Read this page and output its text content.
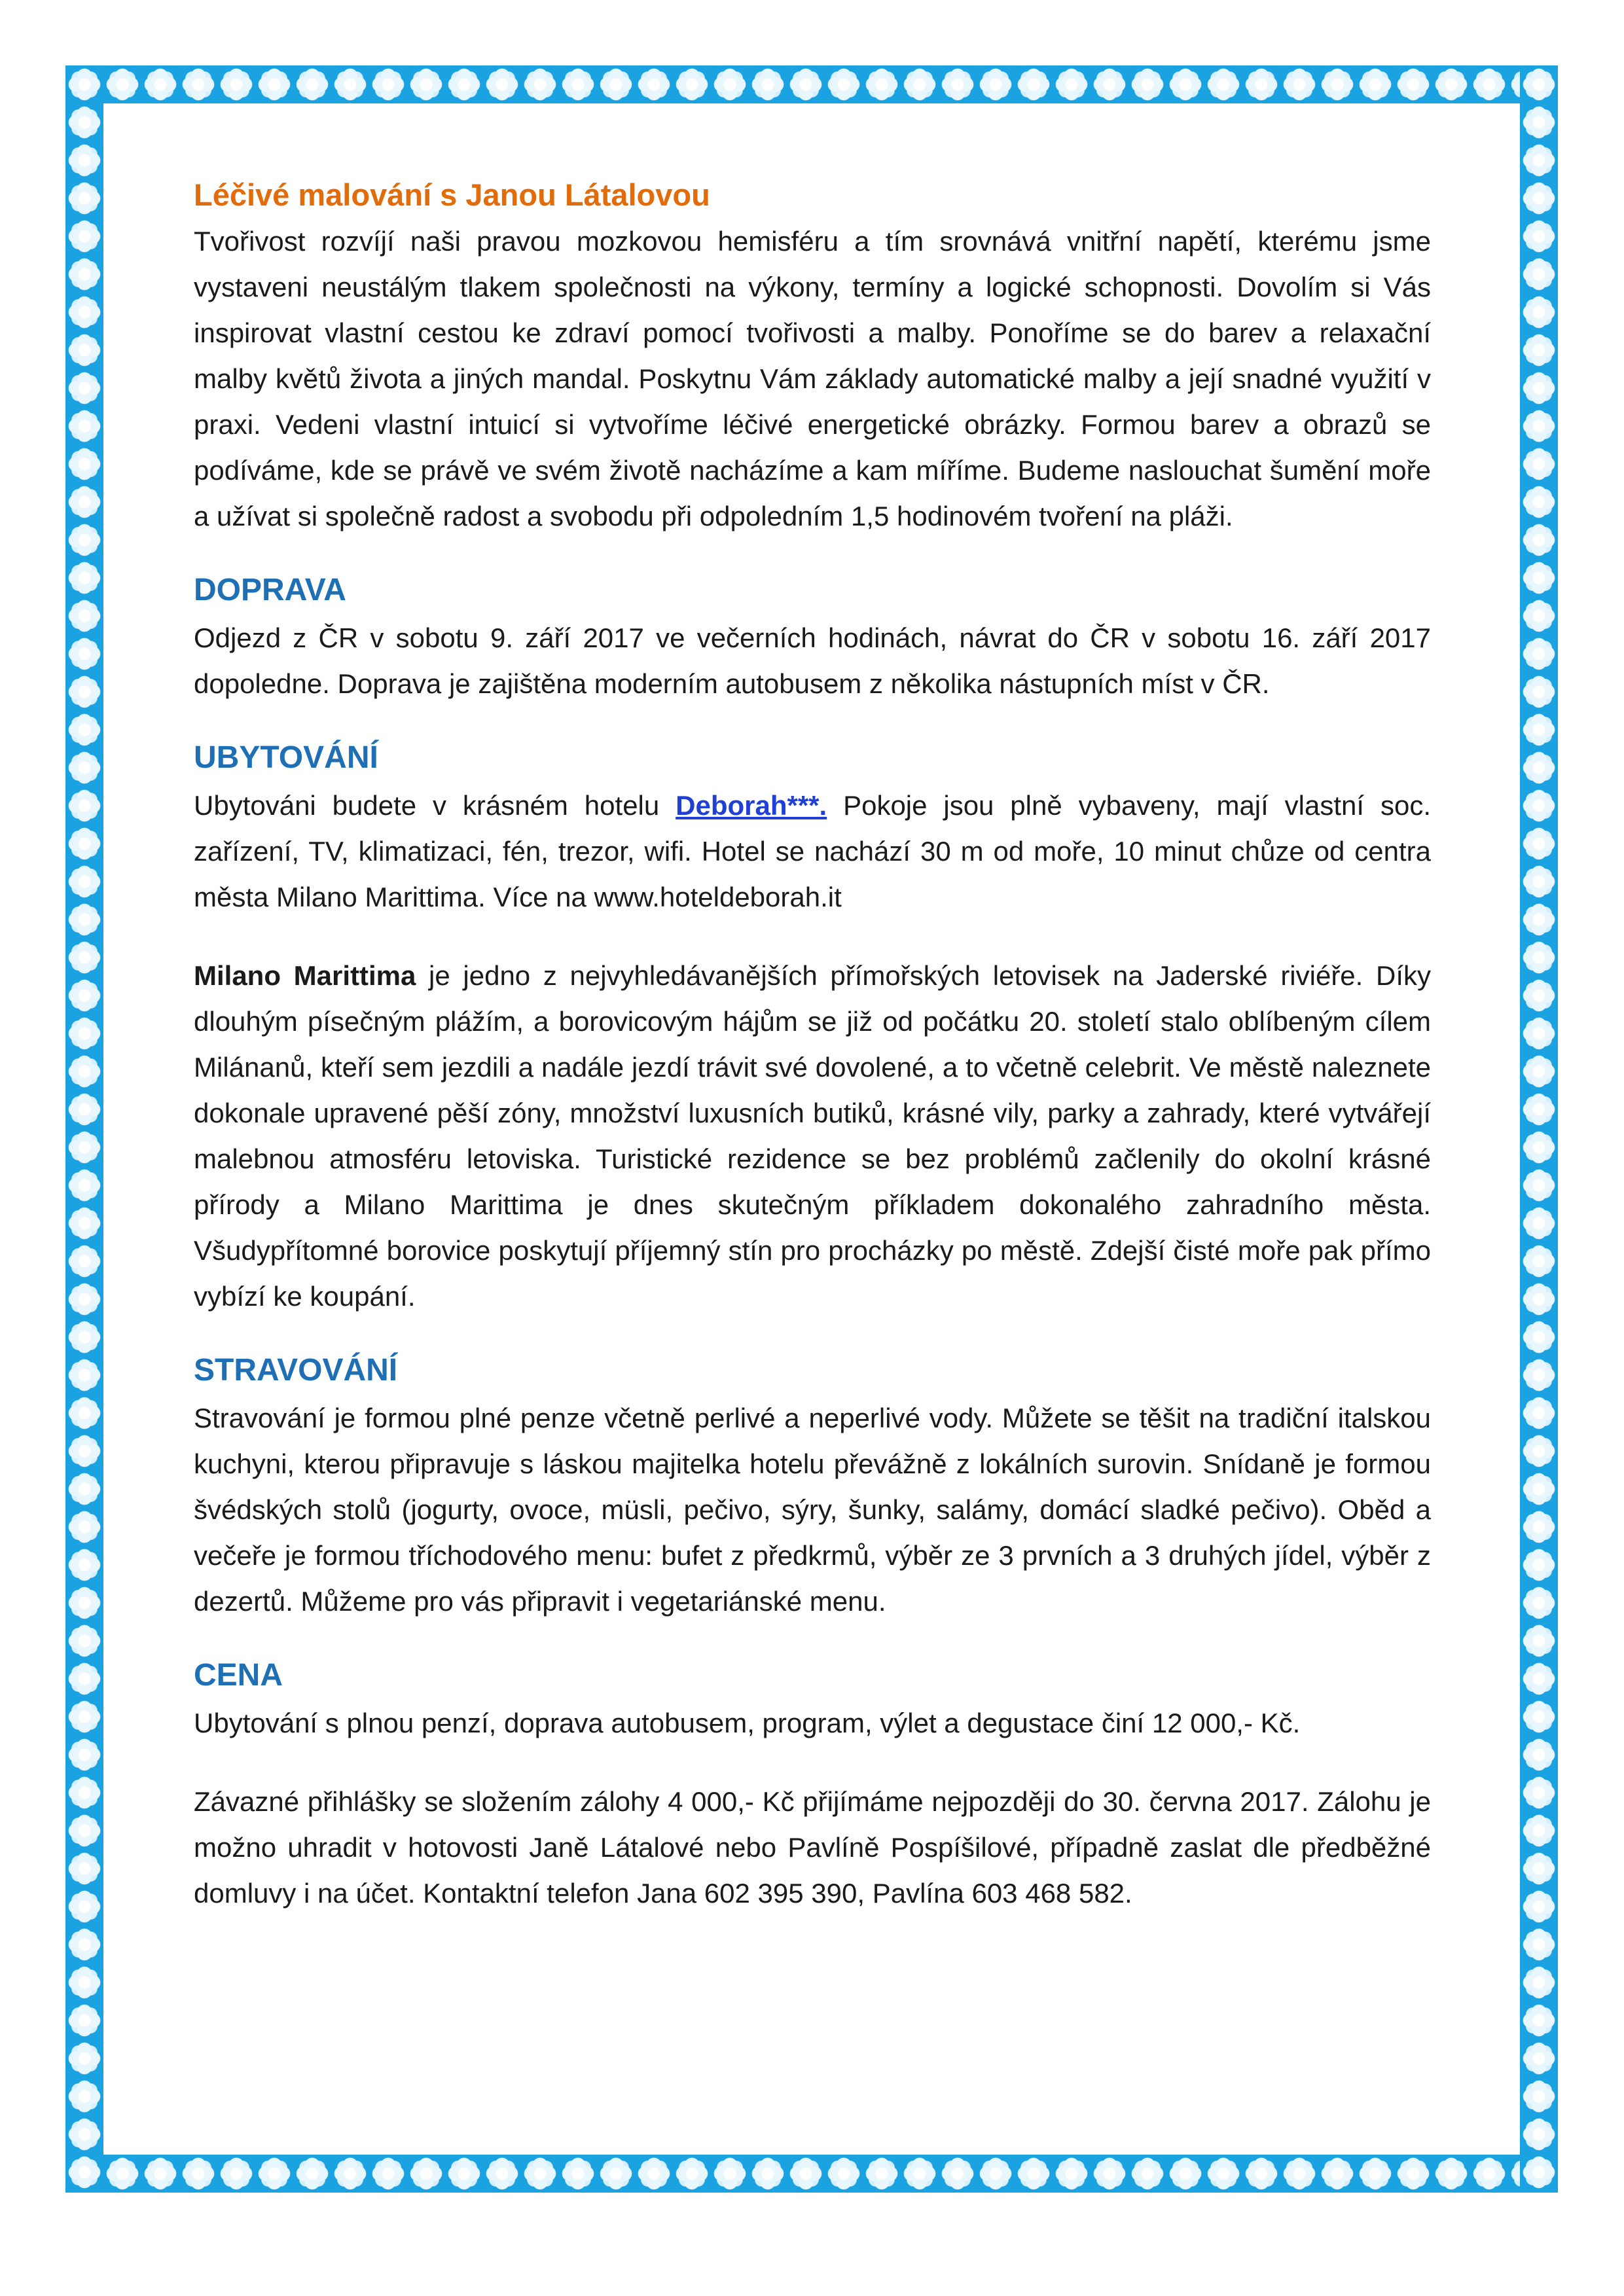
Léčivé malování s Janou Látalovou

Tvořivost rozvíjí naši pravou mozkovou hemisféru a tím srovnává vnitřní napětí, kterému jsme vystaveni neustálým tlakem společnosti na výkony, termíny a logické schopnosti. Dovolím si Vás inspirovat vlastní cestou ke zdraví pomocí tvořivosti a malby. Ponoříme se do barev a relaxační malby květů života a jiných mandal. Poskytnu Vám základy automatické malby a její snadné využití v praxi. Vedeni vlastní intuicí si vytvoříme léčivé energetické obrázky. Formou barev a obrazů se podíváme, kde se právě ve svém životě nacházíme a kam míříme. Budeme naslouchat šumění moře a užívat si společně radost a svobodu při odpoledním 1,5 hodinovém tvoření na pláži.

DOPRAVA

Odjezd z ČR v sobotu 9. září 2017 ve večerních hodinách, návrat do ČR v sobotu 16. září 2017 dopoledne. Doprava je zajištěna moderním autobusem z několika nástupních míst v ČR.

UBYTOVÁNÍ

Ubytováni budete v krásném hotelu Deborah***. Pokoje jsou plně vybaveny, mají vlastní soc. zařízení, TV, klimatizaci, fén, trezor, wifi. Hotel se nachází 30 m od moře, 10 minut chůze od centra města Milano Marittima. Více na www.hoteldeborah.it

Milano Marittima je jedno z nejvyhledávanějších přímořských letovisek na Jaderské riviéře. Díky dlouhým písečným plážím, a borovicovým hájům se již od počátku 20. století stalo oblíbeným cílem Milánanů, kteří sem jezdili a nadále jezdí trávit své dovolené, a to včetně celebrit. Ve městě naleznete dokonale upravené pěší zóny, množství luxusních butiků, krásné vily, parky a zahrady, které vytvářejí malebnou atmosféru letoviska. Turistické rezidence se bez problémů začlenily do okolní krásné přírody a Milano Marittima je dnes skutečným příkladem dokonalého zahradního města. Všudypřítomné borovice poskytují příjemný stín pro procházky po městě. Zdejší čisté moře pak přímo vybízí ke koupání.

STRAVOVÁNÍ

Stravování je formou plné penze včetně perlivé a neperlivé vody. Můžete se těšit na tradiční italskou kuchyni, kterou připravuje s láskou majitelka hotelu převážně z lokálních surovin. Snídaně je formou švédských stolů (jogurty, ovoce, müsli, pečivo, sýry, šunky, salámy, domácí sladké pečivo). Oběd a večeře je formou tříchodového menu: bufet z předkrmů, výběr ze 3 prvních a 3 druhých jídel, výběr z dezertů. Můžeme pro vás připravit i vegetariánské menu.

CENA

Ubytování s plnou penzí, doprava autobusem, program, výlet a degustace činí 12 000,- Kč.

Závazné přihlášky se složením zálohy 4 000,- Kč přijímáme nejpozději do 30. června 2017. Zálohu je možno uhradit v hotovosti Janě Látalové nebo Pavlíně Pospíšilové, případně zaslat dle předběžné domluvy i na účet. Kontaktní telefon Jana 602 395 390, Pavlína 603 468 582.
